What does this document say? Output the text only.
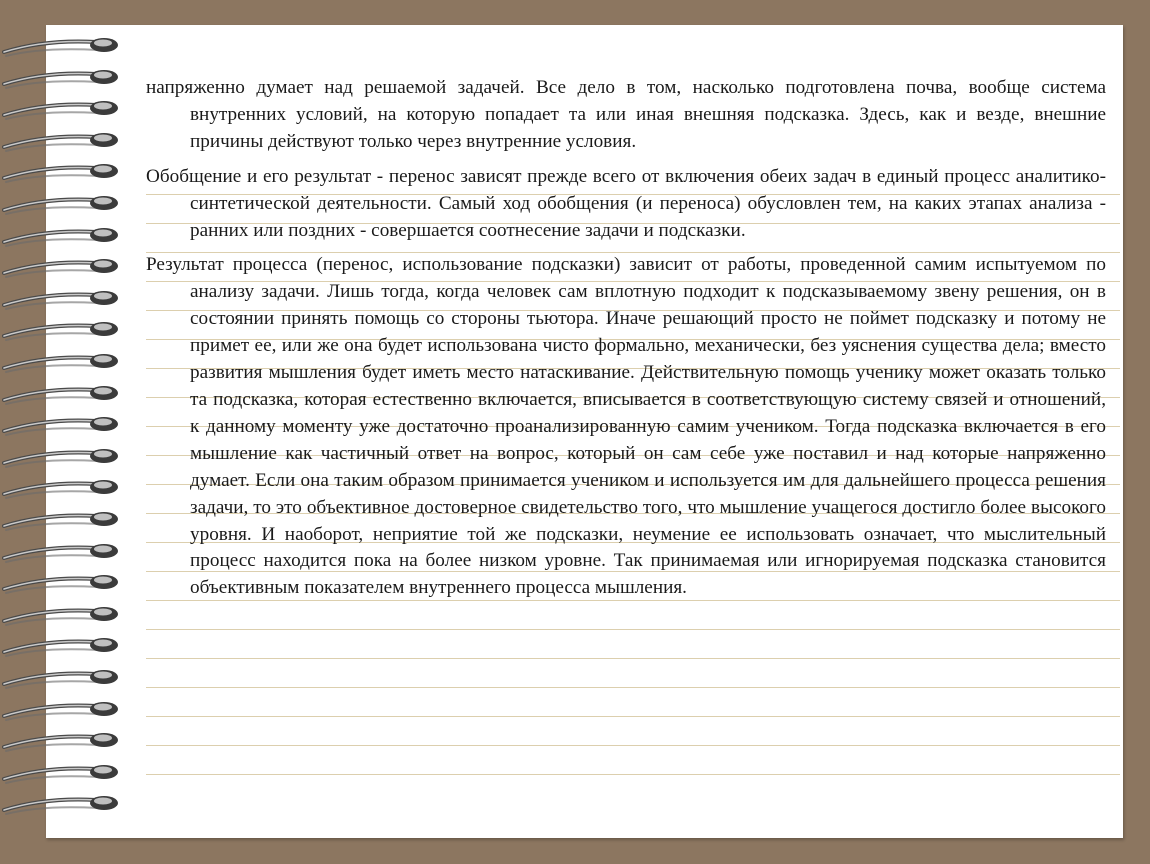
напряженно думает над решаемой задачей. Все дело в том, насколько подготовлена почва, вообще система внутренних условий, на которую попадает та или иная внешняя подсказка. Здесь, как и везде, внешние причины действуют только через внутренние условия.

Обобщение и его результат - перенос зависят прежде всего от включения обеих задач в единый процесс аналитико-синтетической деятельности. Самый ход обобщения (и переноса) обусловлен тем, на каких этапах анализа - ранних или поздних - совершается соотнесение задачи и подсказки.

Результат процесса (перенос, использование подсказки) зависит от работы, проведенной самим испытуемом по анализу задачи. Лишь тогда, когда человек сам вплотную подходит к подсказываемому звену решения, он в состоянии принять помощь со стороны тьютора. Иначе решающий просто не поймет подсказку и потому не примет ее, или же она будет использована чисто формально, механически, без уяснения существа дела; вместо развития мышления будет иметь место натаскивание. Действительную помощь ученику может оказать только та подсказка, которая естественно включается, вписывается в соответствующую систему связей и отношений, к данному моменту уже достаточно проанализированную самим учеником. Тогда подсказка включается в его мышление как частичный ответ на вопрос, который он сам себе уже поставил и над которые напряженно думает. Если она таким образом принимается учеником и используется им для дальнейшего процесса решения задачи, то это объективное достоверное свидетельство того, что мышление учащегося достигло более высокого уровня. И наоборот, неприятие той же подсказки, неумение ее использовать означает, что мыслительный процесс находится пока на более низком уровне. Так принимаемая или игнорируемая подсказка становится объективным показателем внутреннего процесса мышления.
